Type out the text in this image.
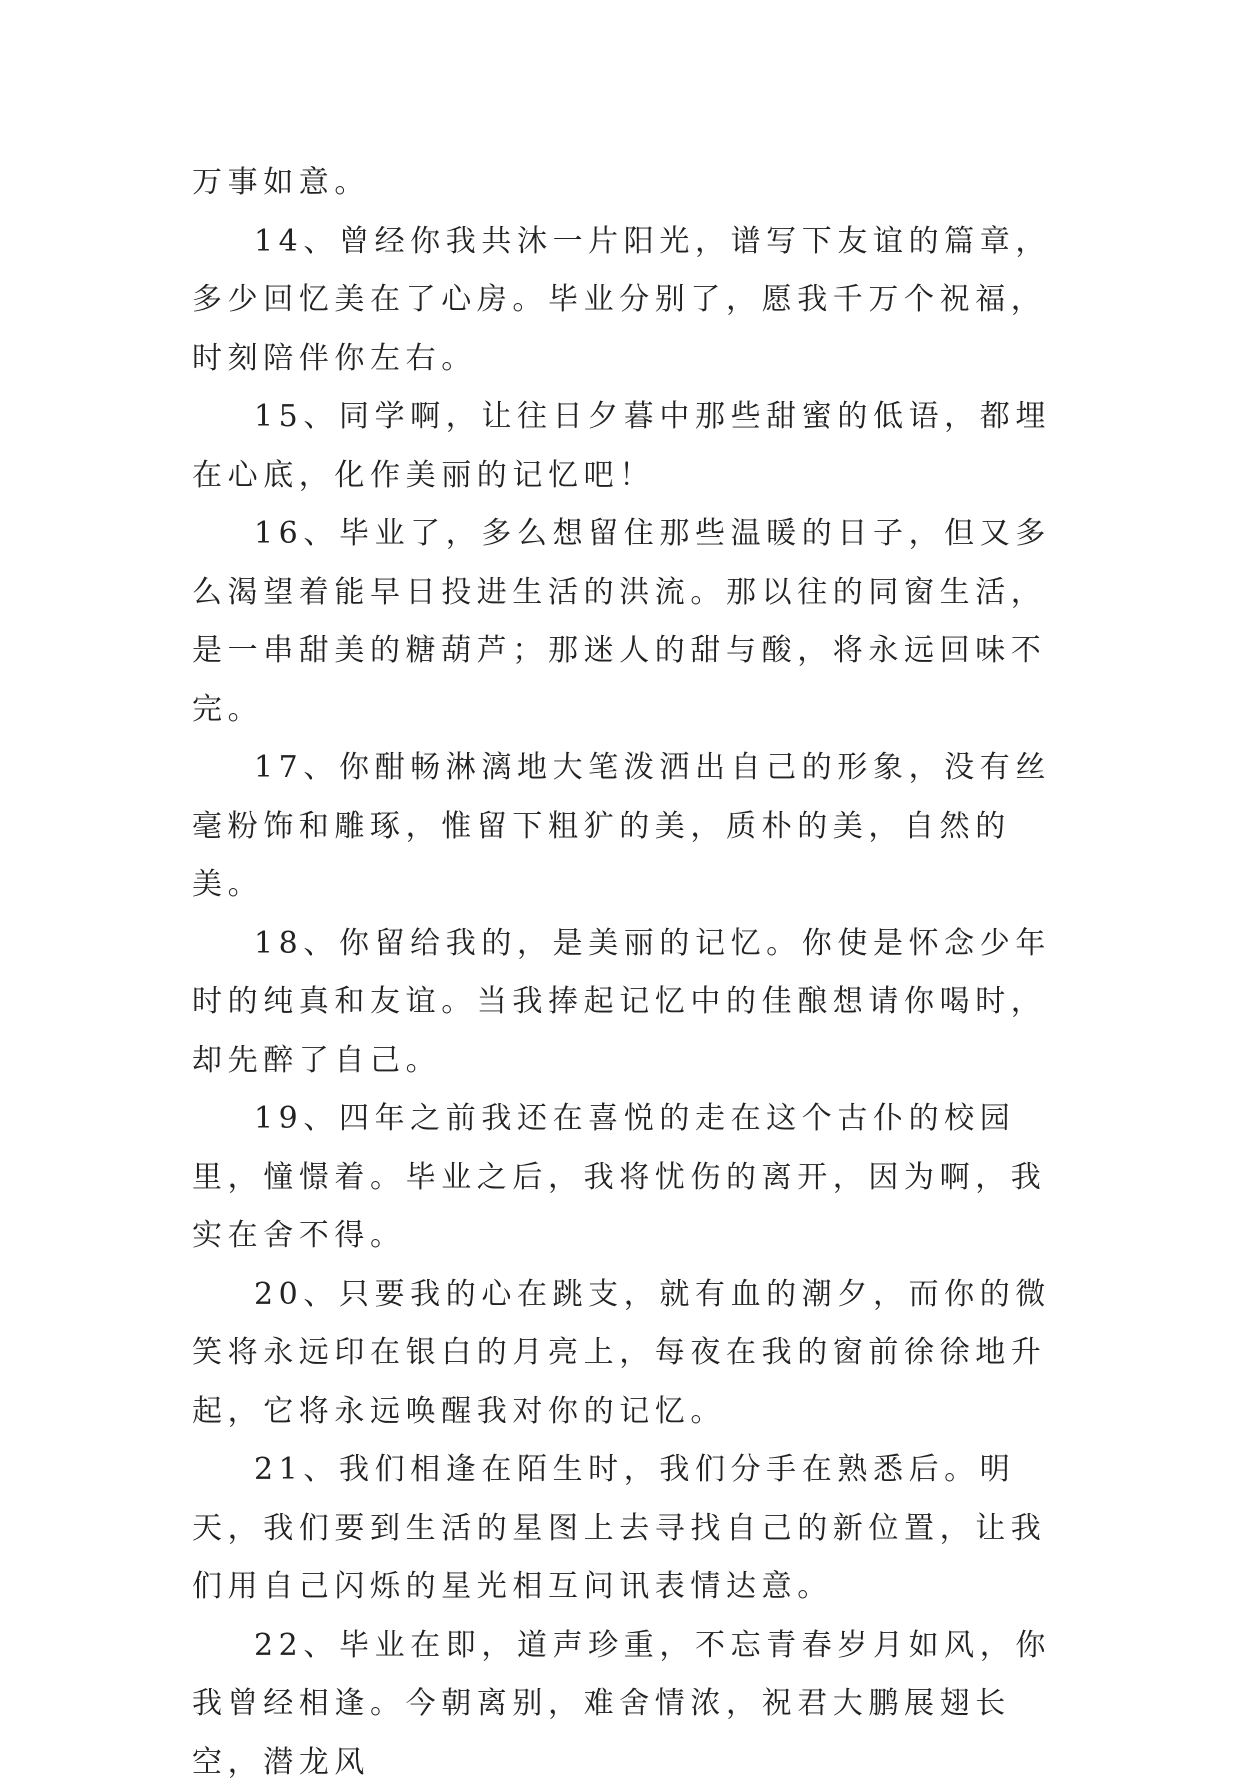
万事如意。

14、曾经你我共沐一片阳光，谱写下友谊的篇章，多少回忆美在了心房。毕业分别了，愿我千万个祝福，时刻陪伴你左右。

15、同学啊，让往日夕暮中那些甜蜜的低语，都埋在心底，化作美丽的记忆吧！

16、毕业了，多么想留住那些温暖的日子，但又多么渴望着能早日投进生活的洪流。那以往的同窗生活，是一串甜美的糖葫芦；那迷人的甜与酸，将永远回味不完。

17、你酣畅淋漓地大笔泼洒出自己的形象，没有丝毫粉饰和雕琢，惟留下粗犷的美，质朴的美，自然的美。

18、你留给我的，是美丽的记忆。你使是怀念少年时的纯真和友谊。当我捧起记忆中的佳酿想请你喝时，却先醉了自己。

19、四年之前我还在喜悦的走在这个古仆的校园里，憧憬着。毕业之后，我将忧伤的离开，因为啊，我实在舍不得。

20、只要我的心在跳支，就有血的潮夕，而你的微笑将永远印在银白的月亮上，每夜在我的窗前徐徐地升起，它将永远唤醒我对你的记忆。

21、我们相逢在陌生时，我们分手在熟悉后。明天，我们要到生活的星图上去寻找自己的新位置，让我们用自己闪烁的星光相互问讯表情达意。

22、毕业在即，道声珍重，不忘青春岁月如风，你我曾经相逢。今朝离别，难舍情浓，祝君大鹏展翅长空，潜龙风
